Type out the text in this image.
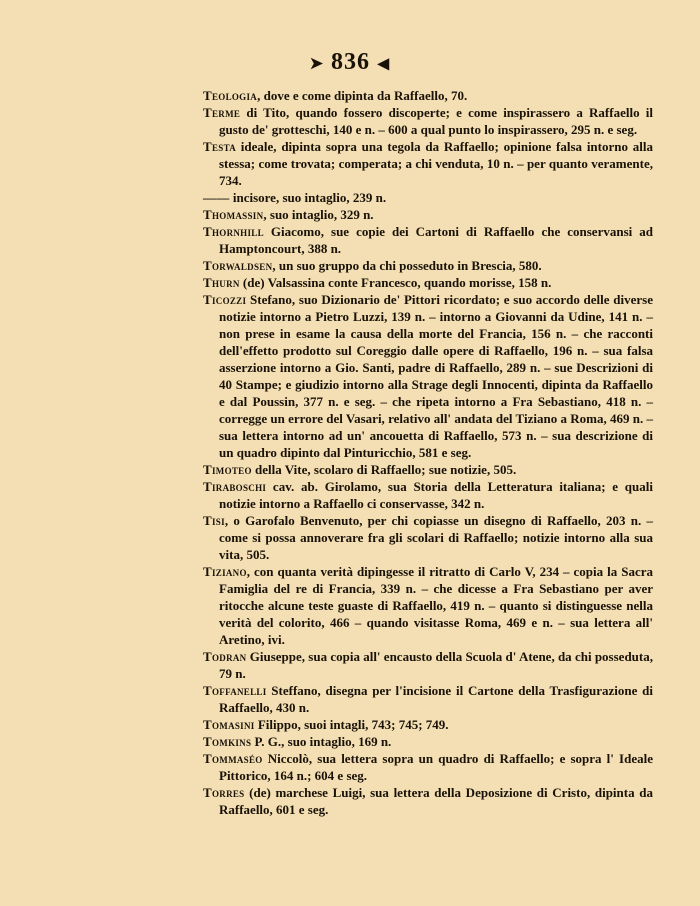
➤ 836 ◀

Teologia, dove e come dipinta da Raffaello, 70.

Terme di Tito, quando fossero discoperte; e come inspirassero a Raffaello il gusto de' grotteschi, 140 e n. – 600 a qual punto lo inspirassero, 295 n. e seg.

Testa ideale, dipinta sopra una tegola da Raffaello; opinione falsa intorno alla stessa; come trovata; comperata; a chi venduta, 10 n. – per quanto veramente, 734.

—— incisore, suo intaglio, 239 n.

Thomassin, suo intaglio, 329 n.

Thornhill Giacomo, sue copie dei Cartoni di Raffaello che conservansi ad Hamptoncourt, 388 n.

Torwaldsen, un suo gruppo da chi posseduto in Brescia, 580.

Thurn (de) Valsassina conte Francesco, quando morisse, 158 n.

Ticozzi Stefano, suo Dizionario de' Pittori ricordato; e suo accordo delle diverse notizie intorno a Pietro Luzzi, 139 n. – intorno a Giovanni da Udine, 141 n. – non prese in esame la causa della morte del Francia, 156 n. – che racconti dell'effetto prodotto sul Coreggio dalle opere di Raffaello, 196 n. – sua falsa asserzione intorno a Gio. Santi, padre di Raffaello, 289 n. – sue Descrizioni di 40 Stampe; e giudizio intorno alla Strage degli Innocenti, dipinta da Raffaello e dal Poussin, 377 n. e seg. – che ripeta intorno a Fra Sebastiano, 418 n. – corregge un errore del Vasari, relativo all' andata del Tiziano a Roma, 469 n. – sua lettera intorno ad un' ancouetta di Raffaello, 573 n. – sua descrizione di un quadro dipinto dal Pinturicchio, 581 e seg.

Timoteo della Vite, scolaro di Raffaello; sue notizie, 505.

Tiraboschi cav. ab. Girolamo, sua Storia della Letteratura italiana; e quali notizie intorno a Raffaello ci conservasse, 342 n.

Tisi, o Garofalo Benvenuto, per chi copiasse un disegno di Raffaello, 203 n. – come si possa annoverare fra gli scolari di Raffaello; notizie intorno alla sua vita, 505.

Tiziano, con quanta verità dipingesse il ritratto di Carlo V, 234 – copia la Sacra Famiglia del re di Francia, 339 n. – che dicesse a Fra Sebastiano per aver ritocche alcune teste guaste di Raffaello, 419 n. – quanto si distinguesse nella verità del colorito, 466 – quando visitasse Roma, 469 e n. – sua lettera all' Aretino, ivi.

Todran Giuseppe, sua copia all' encausto della Scuola d' Atene, da chi posseduta, 79 n.

Toffanelli Steffano, disegna per l'incisione il Cartone della Trasfigurazione di Raffaello, 430 n.

Tomasini Filippo, suoi intagli, 743; 745; 749.

Tomkins P. G., suo intaglio, 169 n.

Tommaséo Niccolò, sua lettera sopra un quadro di Raffaello; e sopra l' Ideale Pittorico, 164 n.; 604 e seg.

Torres (de) marchese Luigi, sua lettera della Deposizione di Cristo, dipinta da Raffaello, 601 e seg.
